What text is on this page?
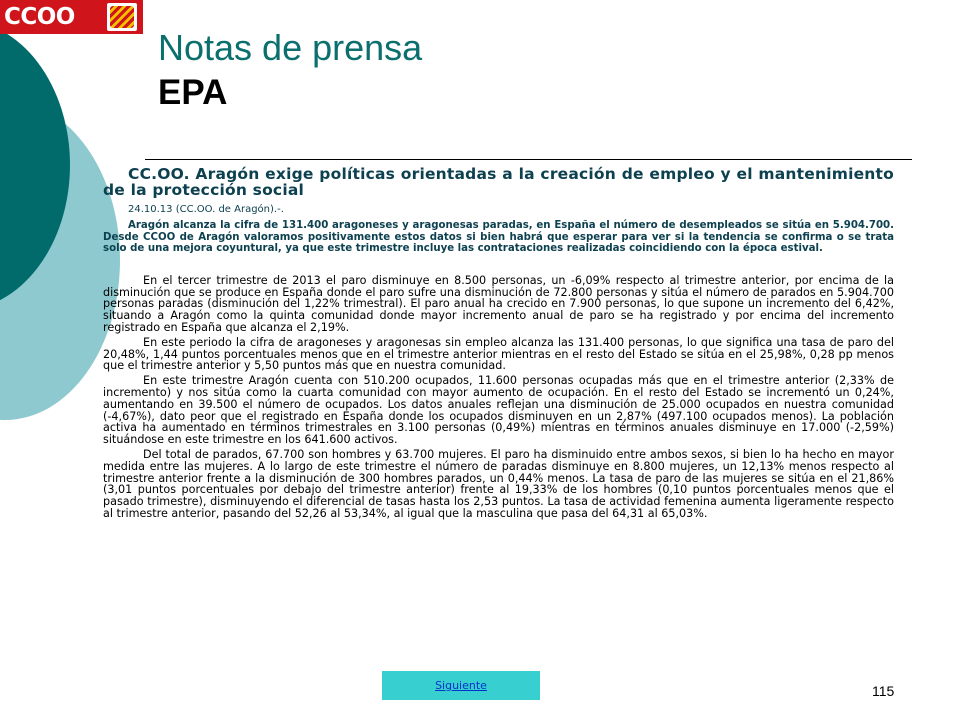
CCOO
Notas de prensa
EPA

CC.OO. Aragón exige políticas orientadas a la creación de empleo y el mantenimiento de la protección social

24.10.13 (CC.OO. de Aragón).-.

Aragón alcanza la cifra de 131.400 aragoneses y aragonesas paradas, en España el número de desempleados se sitúa en 5.904.700. Desde CCOO de Aragón valoramos positivamente estos datos si bien habrá que esperar para ver si la tendencia se confirma o se trata solo de una mejora coyuntural, ya que este trimestre incluye las contrataciones realizadas coincidiendo con la época estival.

En el tercer trimestre de 2013 el paro disminuye en 8.500 personas, un -6,09% respecto al trimestre anterior, por encima de la disminución que se produce en España donde el paro sufre una disminución de 72.800 personas y sitúa el número de parados en 5.904.700 personas paradas (disminución del 1,22% trimestral). El paro anual ha crecido en 7.900 personas, lo que supone un incremento del 6,42%, situando a Aragón como la quinta comunidad donde mayor incremento anual de paro se ha registrado y por encima del incremento registrado en España que alcanza el 2,19%.

En este periodo la cifra de aragoneses y aragonesas sin empleo alcanza las 131.400 personas, lo que significa una tasa de paro del 20,48%, 1,44 puntos porcentuales menos que en el trimestre anterior mientras en el resto del Estado se sitúa en el 25,98%, 0,28 pp menos que el trimestre anterior y 5,50 puntos más que en nuestra comunidad.

En este trimestre Aragón cuenta con 510.200 ocupados, 11.600 personas ocupadas más que en el trimestre anterior (2,33% de incremento) y nos sitúa como la cuarta comunidad con mayor aumento de ocupación. En el resto del Estado se incrementó un 0,24%, aumentando en 39.500 el número de ocupados. Los datos anuales reflejan una disminución de 25.000 ocupados en nuestra comunidad (-4,67%), dato peor que el registrado en España donde los ocupados disminuyen en un 2,87% (497.100 ocupados menos). La población activa ha aumentado en términos trimestrales en 3.100 personas (0,49%) mientras en términos anuales disminuye en 17.000 (-2,59%) situándose en este trimestre en los 641.600 activos.

Del total de parados, 67.700 son hombres y 63.700 mujeres. El paro ha disminuido entre ambos sexos, si bien lo ha hecho en mayor medida entre las mujeres. A lo largo de este trimestre el número de paradas disminuye en 8.800 mujeres, un 12,13% menos respecto al trimestre anterior frente a la disminución de 300 hombres parados, un 0,44% menos. La tasa de paro de las mujeres se sitúa en el 21,86% (3,01 puntos porcentuales por debajo del trimestre anterior) frente al 19,33% de los hombres (0,10 puntos porcentuales menos que el pasado trimestre), disminuyendo el diferencial de tasas hasta los 2,53 puntos. La tasa de actividad femenina aumenta ligeramente respecto al trimestre anterior, pasando del 52,26 al 53,34%, al igual que la masculina que pasa del 64,31 al 65,03%.

Siguiente	115
